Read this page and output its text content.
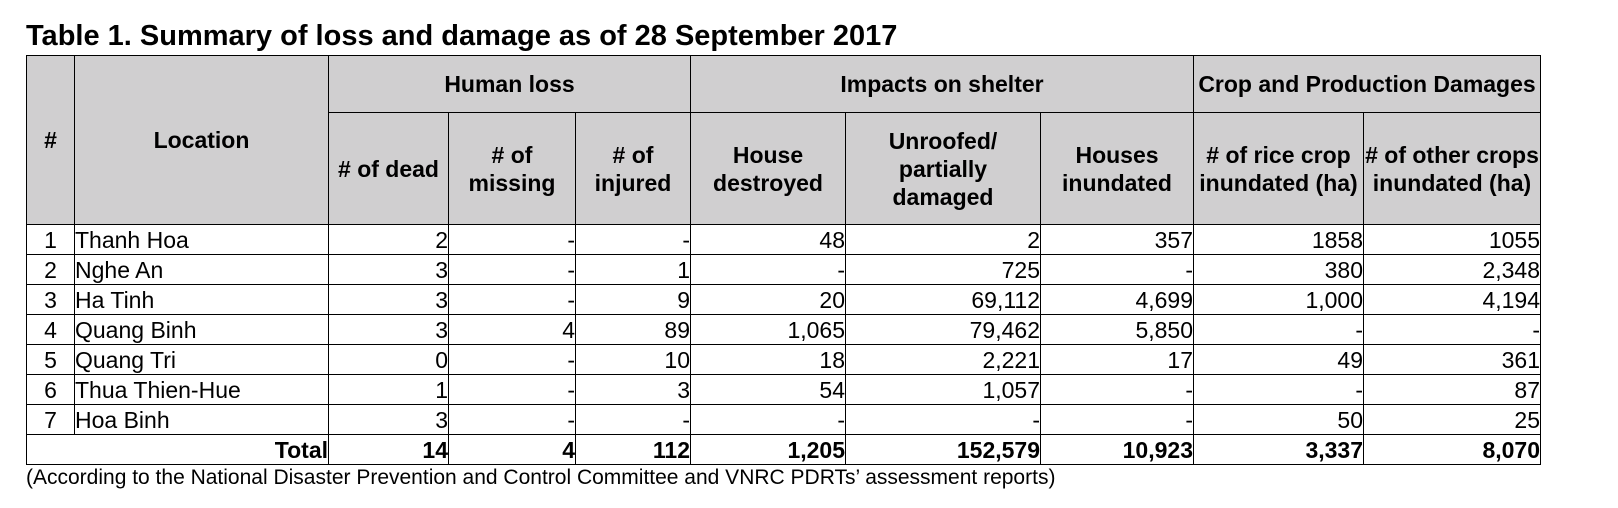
Table 1. Summary of loss and damage as of 28 September 2017
#	Location	Human loss			Impacts on shelter			Crop and Production Damages	
		# of dead	# of missing	# of injured	House destroyed	Unroofed/ partially damaged	Houses inundated	# of rice crop inundated (ha)	# of other crops inundated (ha)
1	Thanh Hoa	2	-	-	48	2	357	1858	1055
2	Nghe An	3	-	1	-	725	-	380	2,348
3	Ha Tinh	3	-	9	20	69,112	4,699	1,000	4,194
4	Quang Binh	3	4	89	1,065	79,462	5,850	-	-
5	Quang Tri	0	-	10	18	2,221	17	49	361
6	Thua Thien-Hue	1	-	3	54	1,057	-	-	87
7	Hoa Binh	3	-	-	-	-	-	50	25
Total		14	4	112	1,205	152,579	10,923	3,337	8,070
(According to the National Disaster Prevention and Control Committee and VNRC PDRTs’ assessment reports)
